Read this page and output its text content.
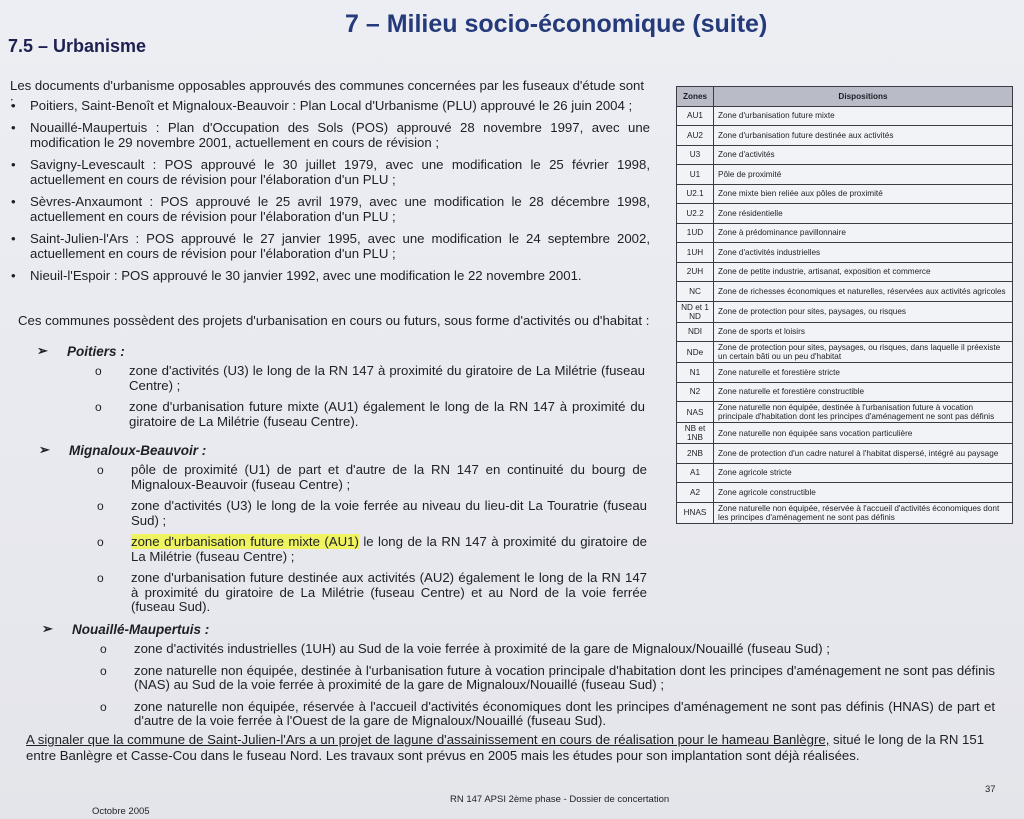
7 – Milieu socio-économique (suite)
7.5 – Urbanisme
Les documents d'urbanisme opposables approuvés des communes concernées par les fuseaux d'étude sont :	• Poitiers, Saint-Benoît et Mignaloux-Beauvoir : Plan Local d'Urbanisme (PLU) approuvé le 26 juin 2004 ;
• Nouaillé-Maupertuis : Plan d'Occupation des Sols (POS) approuvé 28 novembre 1997, avec une modification le 29 novembre 2001, actuellement en cours de révision ;
• Savigny-Levescault : POS approuvé le 30 juillet 1979, avec une modification le 25 février 1998, actuellement en cours de révision pour l'élaboration d'un PLU ;
• Sèvres-Anxaumont : POS approuvé le 25 avril 1979, avec une modification le 28 décembre 1998, actuellement en cours de révision pour l'élaboration d'un PLU ;
• Saint-Julien-l'Ars : POS approuvé le 27 janvier 1995, avec une modification le 24 septembre 2002, actuellement en cours de révision pour l'élaboration d'un PLU ;
• Nieuil-l'Espoir : POS approuvé le 30 janvier 1992, avec une modification le 22 novembre 2001.
Ces communes possèdent des projets d'urbanisation en cours ou futurs, sous forme d'activités ou d'habitat :
➢	Poitiers :
o zone d'activités (U3) le long de la RN 147 à proximité du giratoire de La Milétrie (fuseau Centre) ;
o zone d'urbanisation future mixte (AU1) également le long de la RN 147 à proximité du giratoire de La Milétrie (fuseau Centre).
➢	Mignaloux-Beauvoir :
o pôle de proximité (U1) de part et d'autre de la RN 147 en continuité du bourg de Mignaloux-Beauvoir (fuseau Centre) ;
o zone d'activités (U3) le long de la voie ferrée au niveau du lieu-dit La Touratrie (fuseau Sud) ;
o zone d'urbanisation future mixte (AU1) le long de la RN 147 à proximité du giratoire de La Milétrie (fuseau Centre) ;
o zone d'urbanisation future destinée aux activités (AU2) également le long de la RN 147 à proximité du giratoire de La Milétrie (fuseau Centre) et au Nord de la voie ferrée (fuseau Sud).
➢	Nouaillé-Maupertuis :
o zone d'activités industrielles (1UH) au Sud de la voie ferrée à proximité de la gare de Mignaloux/Nouaillé (fuseau Sud) ;
o zone naturelle non équipée, destinée à l'urbanisation future à vocation principale d'habitation dont les principes d'aménagement ne sont pas définis (NAS) au Sud de la voie ferrée à proximité de la gare de Mignaloux/Nouaillé (fuseau Sud) ;
o zone naturelle non équipée, réservée à l'accueil d'activités économiques dont les principes d'aménagement ne sont pas définis (HNAS) de part et d'autre de la voie ferrée à l'Ouest de la gare de Mignaloux/Nouaillé (fuseau Sud).
A signaler que la commune de Saint-Julien-l'Ars a un projet de lagune d'assainissement en cours de réalisation pour le hameau Banlègre, situé le long de la RN 151 entre Banlègre et Casse-Cou dans le fuseau Nord. Les travaux sont prévus en 2005 mais les études pour son implantation sont déjà réalisées.
Zones	Dispositions
AU1	Zone d'urbanisation future mixte
AU2	Zone d'urbanisation future destinée aux activités
U3	Zone d'activités
U1	Pôle de proximité
U2.1	Zone mixte bien reliée aux pôles de proximité
U2.2	Zone résidentielle
1UD	Zone à prédominance pavillonnaire
1UH	Zone d'activités industrielles
2UH	Zone de petite industrie, artisanat, exposition et commerce
NC	Zone de richesses économiques et naturelles, réservées aux activités agricoles
ND et 1 ND	Zone de protection pour sites, paysages, ou risques
NDI	Zone de sports et loisirs
NDe	Zone de protection pour sites, paysages, ou risques, dans laquelle il préexiste un certain bâti ou un peu d'habitat
N1	Zone naturelle et forestière stricte
N2	Zone naturelle et forestière constructible
NAS	Zone naturelle non équipée, destinée à l'urbanisation future à vocation principale d'habitation dont les principes d'aménagement ne sont pas définis
NB et 1NB	Zone naturelle non équipée sans vocation particulière
2NB	Zone de protection d'un cadre naturel à l'habitat dispersé, intégré au paysage
A1	Zone agricole stricte
A2	Zone agricole constructible
HNAS	Zone naturelle non équipée, réservée à l'accueil d'activités économiques dont les principes d'aménagement ne sont pas définis
Octobre 2005
RN 147 APSI 2ème phase - Dossier de concertation
37
